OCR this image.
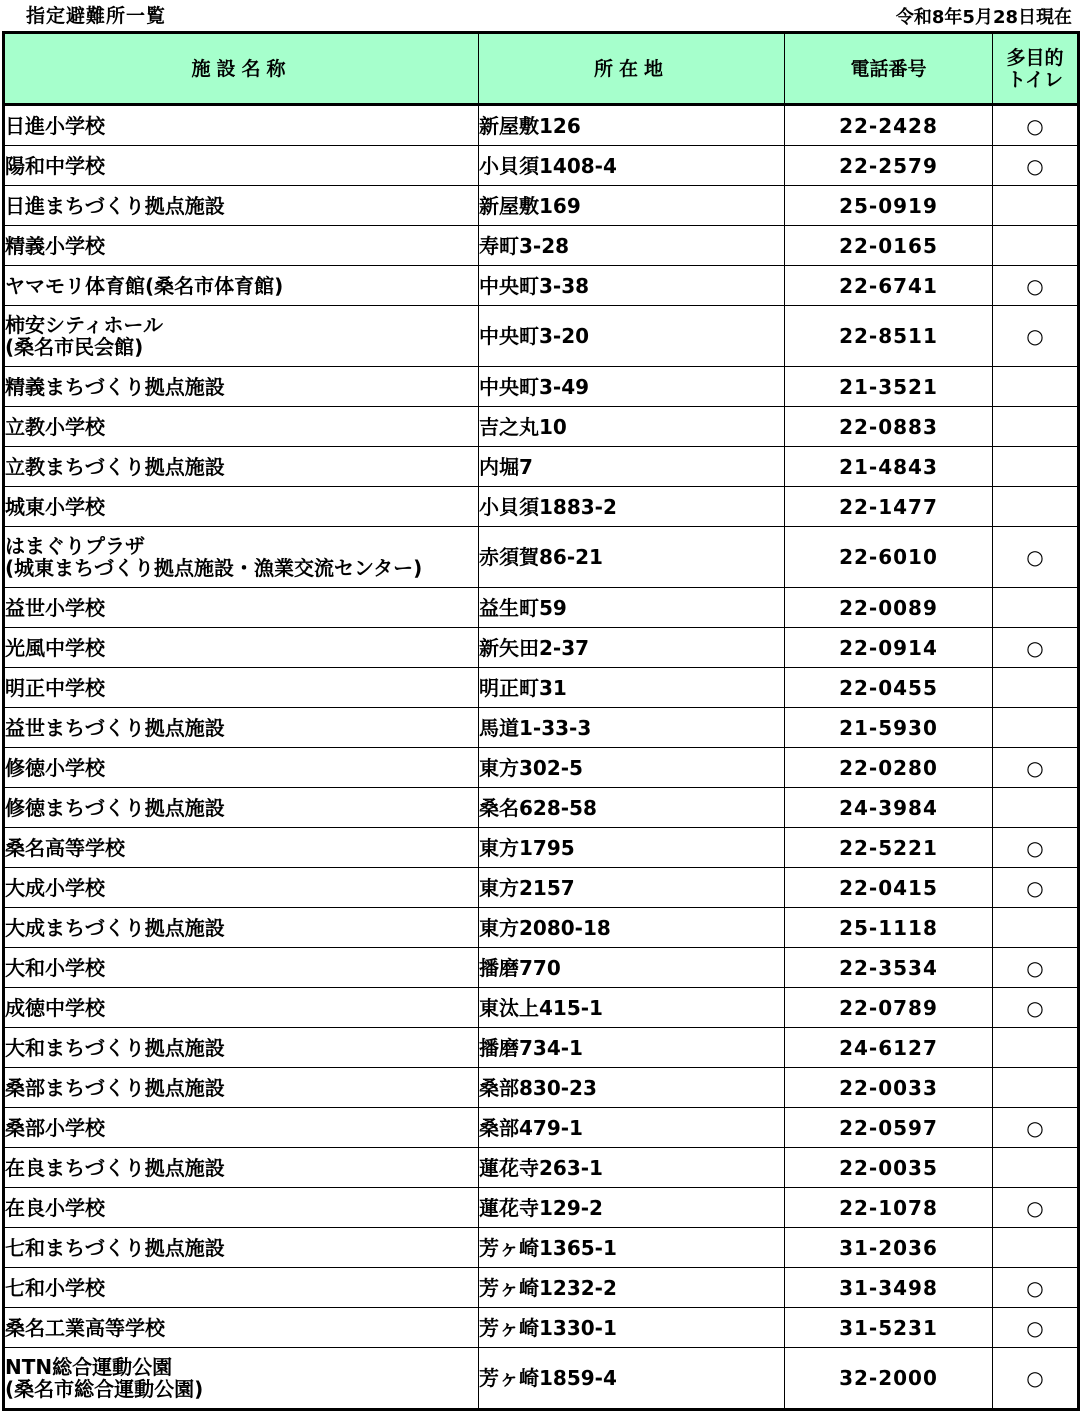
指定避難所一覧	令和8年5月28日現在
施設名称	所在地	電話番号	多目的
トイレ

日進小学校	新屋敷126	22-2428	○

陽和中学校	小貝須1408-4	22-2579	○

日進まちづくり拠点施設	新屋敷169	25-0919	

精義小学校	寿町3-28	22-0165	

ヤマモリ体育館(桑名市体育館)	中央町3-38	22-6741	○

柿安シティホール
(桑名市民会館)	中央町3-20	22-8511	○

精義まちづくり拠点施設	中央町3-49	21-3521	

立教小学校	吉之丸10	22-0883	

立教まちづくり拠点施設	内堀7	21-4843	

城東小学校	小貝須1883-2	22-1477	

はまぐりプラザ
(城東まちづくり拠点施設・漁業交流センター)	赤須賀86-21	22-6010	○

益世小学校	益生町59	22-0089	

光風中学校	新矢田2-37	22-0914	○

明正中学校	明正町31	22-0455	

益世まちづくり拠点施設	馬道1-33-3	21-5930	

修徳小学校	東方302-5	22-0280	○

修徳まちづくり拠点施設	桑名628-58	24-3984	

桑名高等学校	東方1795	22-5221	○

大成小学校	東方2157	22-0415	○

大成まちづくり拠点施設	東方2080-18	25-1118	

大和小学校	播磨770	22-3534	○

成徳中学校	東汰上415-1	22-0789	○

大和まちづくり拠点施設	播磨734-1	24-6127	

桑部まちづくり拠点施設	桑部830-23	22-0033	

桑部小学校	桑部479-1	22-0597	○

在良まちづくり拠点施設	蓮花寺263-1	22-0035	

在良小学校	蓮花寺129-2	22-1078	○

七和まちづくり拠点施設	芳ヶ崎1365-1	31-2036	

七和小学校	芳ヶ崎1232-2	31-3498	○

桑名工業高等学校	芳ヶ崎1330-1	31-5231	○

NTN総合運動公園
(桑名市総合運動公園)	芳ヶ崎1859-4	32-2000	○
